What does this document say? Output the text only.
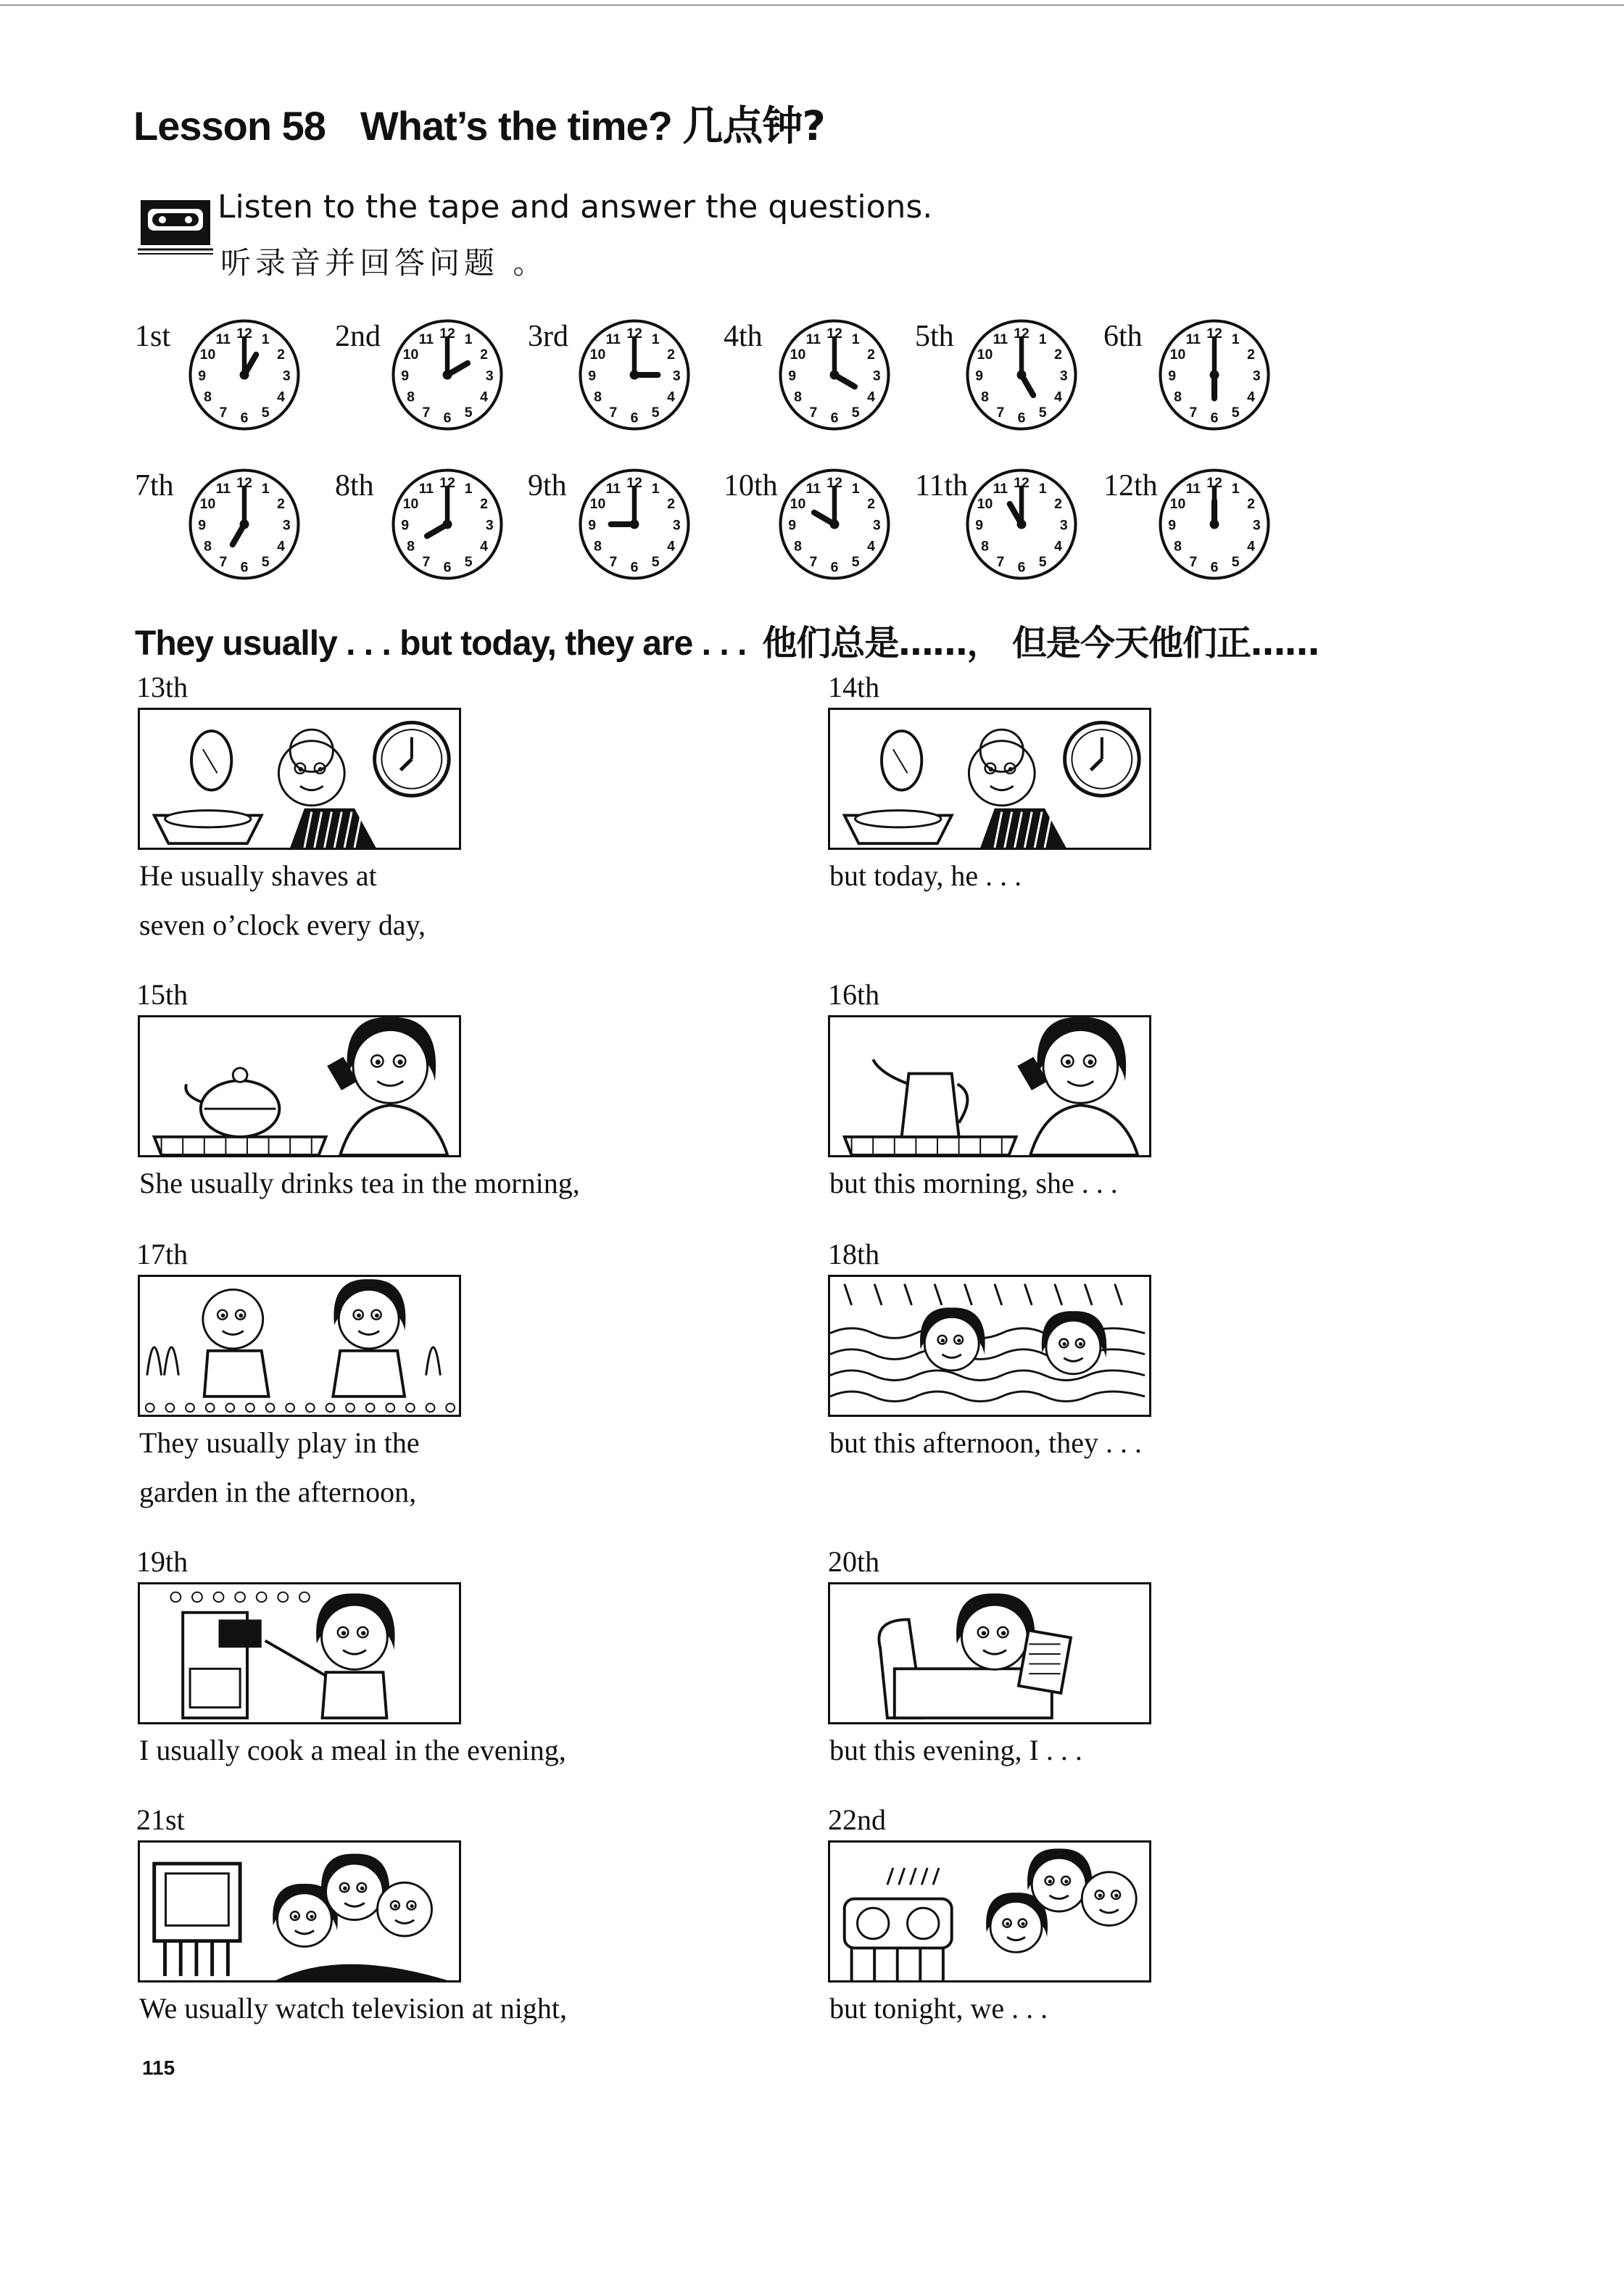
Lesson 58 What’s the time? 几点钟?
Listen to the tape and answer the questions.
听录音并回答问题 。
1st	1
2
3
4
5
6
7
8
9
10
11 12	2nd	1
2
3
4
5
6
7
8
9
10
11 12 3rd	1
2
3
4
5
6
7
8
9
10
11 12	4th	1
2
3
4
5
6
7
8
9
10
11 12 5th	1
2
3
4
5
6
7
8
9
10
11 12 6th	1
2
3
4
5
6
7
8
9
10
11 12
7th	1
2
3
4
5
6
7
8
9
10
11 12	8th	1
2
3
4
5
6
7
8
9
10
11 12 9th	1
2
3
4
5
6
7
8
9
10
11 12	10th	1
2
3
4
5
6
7
8
9
10
11 12 11th	1
2
3
4
5
6
7
8
9
10
11 12 12th	1
2
3
4
5
6
7
8
9
10
11 12
They usually . . . but today, they are . . . 他们总是……， 但是今天他们正……
13th
He usually shaves at
seven o’clock every day,
14th
but today, he . . .
15th
She usually drinks tea in the morning,
16th
but this morning, she . . .
17th
They usually play in the
garden in the afternoon,
18th
but this afternoon, they . . .
19th
I usually cook a meal in the evening,
20th
but this evening, I . . .
21st
We usually watch television at night,
22nd
but tonight, we . . .
115
